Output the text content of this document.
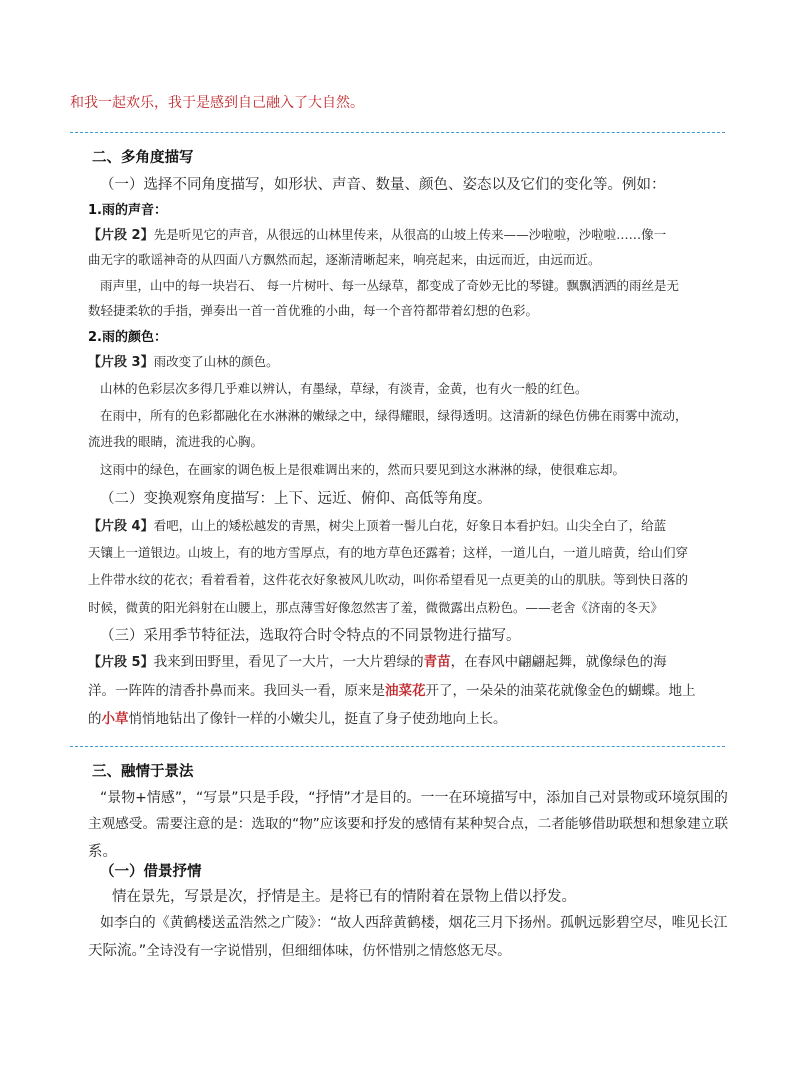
和我一起欢乐，我于是感到自己融入了大自然。
二、多角度描写
（一）选择不同角度描写，如形状、声音、数量、颜色、姿态以及它们的变化等。例如：
1.雨的声音：
【片段 2】先是听见它的声音，从很远的山林里传来，从很高的山坡上传来——沙啦啦，沙啦啦……像一
曲无字的歌谣神奇的从四面八方飘然而起，逐渐清晰起来，响亮起来，由远而近，由远而近。
雨声里，山中的每一块岩石、 每一片树叶、每一丛绿草，都变成了奇妙无比的琴键。飘飘洒洒的雨丝是无
数轻捷柔软的手指，弹奏出一首一首优雅的小曲，每一个音符都带着幻想的色彩。
2.雨的颜色：
【片段 3】雨改变了山林的颜色。
山林的色彩层次多得几乎难以辨认，有墨绿，草绿，有淡青，金黄，也有火一般的红色。
在雨中，所有的色彩都融化在水淋淋的嫩绿之中，绿得耀眼，绿得透明。这清新的绿色仿佛在雨雾中流动，
流进我的眼睛，流进我的心胸。
这雨中的绿色，在画家的调色板上是很难调出来的，然而只要见到这水淋淋的绿，使很难忘却。
（二）变换观察角度描写：上下、远近、俯仰、高低等角度。
【片段 4】看吧，山上的矮松越发的青黑，树尖上顶着一髻儿白花，好象日本看护妇。山尖全白了，给蓝
天镶上一道银边。山坡上，有的地方雪厚点，有的地方草色还露着；这样，一道儿白，一道儿暗黄，给山们穿
上件带水纹的花衣；看着看着，这件花衣好象被风儿吹动，叫你希望看见一点更美的山的肌肤。等到快日落的
时候，微黄的阳光斜射在山腰上，那点薄雪好像忽然害了羞，微微露出点粉色。——老舍《济南的冬天》
（三）采用季节特征法，选取符合时令特点的不同景物进行描写。
【片段 5】我来到田野里，看见了一大片，一大片碧绿的青苗，在春风中翩翩起舞，就像绿色的海
洋。一阵阵的清香扑鼻而来。我回头一看，原来是油菜花开了，一朵朵的油菜花就像金色的蝴蝶。地上
的小草悄悄地钻出了像针一样的小嫩尖儿，挺直了身子使劲地向上长。
三、融情于景法
“景物+情感”，“写景”只是手段，“抒情”才是目的。一一在环境描写中，添加自己对景物或环境氛围的
主观感受。需要注意的是：选取的“物”应该要和抒发的感情有某种契合点，二者能够借助联想和想象建立联
系。
（一）借景抒情
情在景先，写景是次，抒情是主。是将已有的情附着在景物上借以抒发。
如李白的《黄鹤楼送孟浩然之广陵》：“故人西辞黄鹤楼，烟花三月下扬州。孤帆远影碧空尽，唯见长江
天际流。”全诗没有一字说惜别，但细细体味，仿怀惜别之情悠悠无尽。
